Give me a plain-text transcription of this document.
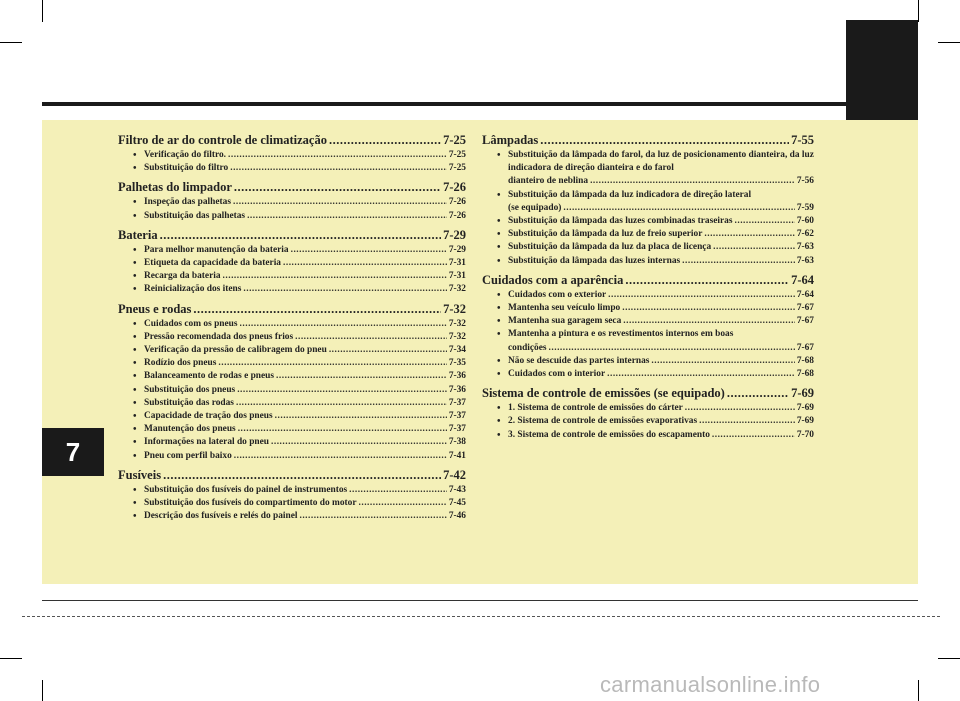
7
Filtro de ar do controle de climatização .....	7-25
• Verificação do filtro. .....	7-25
• Substituição do filtro .....	7-25
Palhetas do limpador .....	7-26
• Inspeção das palhetas .....	7-26
• Substituição das palhetas .....	7-26
Bateria .....	7-29
• Para melhor manutenção da bateria .....	7-29
• Etiqueta da capacidade da bateria .....	7-31
• Recarga da bateria .....	7-31
• Reinicialização dos itens .....	7-32
Pneus e rodas .....	7-32
• Cuidados com os pneus .....	7-32
• Pressão recomendada dos pneus frios .....	7-32
• Verificação da pressão de calibragem do pneu .....	7-34
• Rodízio dos pneus .....	7-35
• Balanceamento de rodas e pneus .....	7-36
• Substituição dos pneus .....	7-36
• Substituição das rodas .....	7-37
• Capacidade de tração dos pneus .....	7-37
• Manutenção dos pneus .....	7-37
• Informações na lateral do pneu .....	7-38
• Pneu com perfil baixo .....	7-41
Fusíveis .....	7-42
• Substituição dos fusíveis do painel de instrumentos .....	7-43
• Substituição dos fusíveis do compartimento do motor .....	7-45
• Descrição dos fusíveis e relés do painel .....	7-46
Lâmpadas .....	7-55
• Substituição da lâmpada do farol, da luz de posicionamento dianteira, da luz indicadora de direção dianteira e do farol
dianteiro de neblina .....	7-56
• Substituição da lâmpada da luz indicadora de direção lateral
(se equipado) .....	7-59
• Substituição da lâmpada das luzes combinadas traseiras .....	7-60
• Substituição da lâmpada da luz de freio superior .....	7-62
• Substituição da lâmpada da luz da placa de licença .....	7-63
• Substituição da lâmpada das luzes internas .....	7-63
Cuidados com a aparência .....	7-64
• Cuidados com o exterior .....	7-64
• Mantenha seu veículo limpo .....	7-67
• Mantenha sua garagem seca .....	7-67
• Mantenha a pintura e os revestimentos internos em boas
condições .....	7-67
• Não se descuide das partes internas .....	7-68
• Cuidados com o interior .....	7-68
Sistema de controle de emissões (se equipado) .....	7-69
• 1. Sistema de controle de emissões do cárter .....	7-69
• 2. Sistema de controle de emissões evaporativas .....	7-69
• 3. Sistema de controle de emissões do escapamento .....	7-70
carmanualsonline.info
